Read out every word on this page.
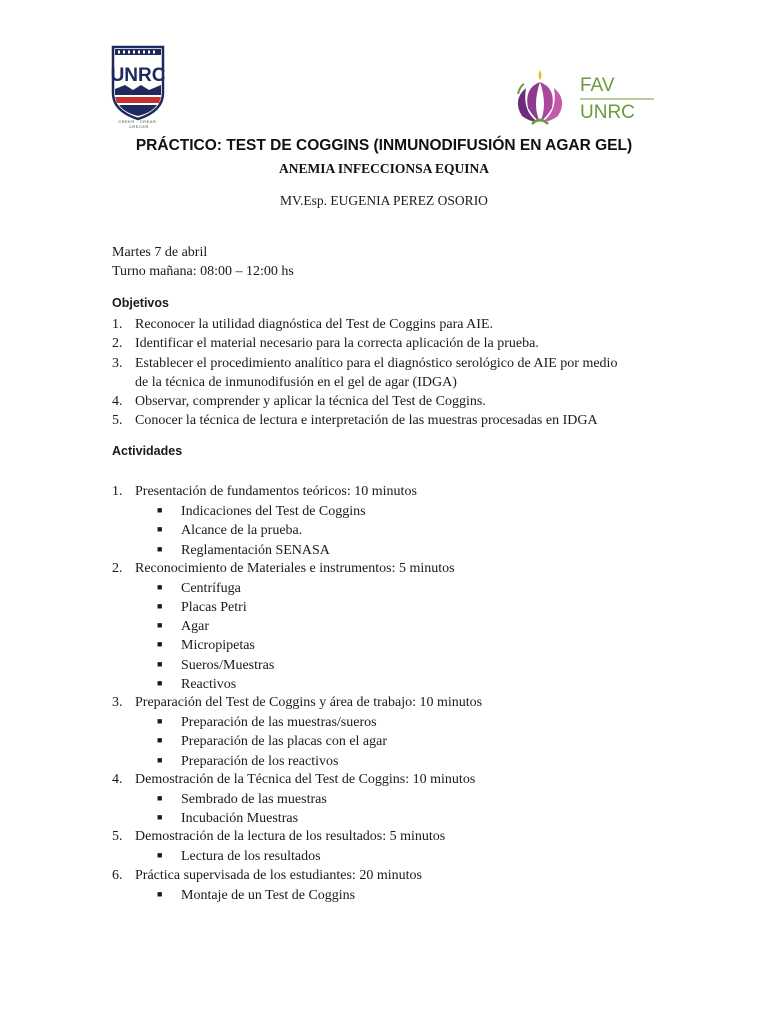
UNRC
CREER · CREAR · CRECER
FAV
UNRC
PRÁCTICO: TEST DE COGGINS (INMUNODIFUSIÓN EN AGAR GEL)
ANEMIA INFECCIONSA EQUINA
MV.Esp. EUGENIA PEREZ OSORIO
Martes 7 de abril
Turno mañana: 08:00 – 12:00 hs
Objetivos
1. Reconocer la utilidad diagnóstica del Test de Coggins para AIE.
2. Identificar el material necesario para la correcta aplicación de la prueba.
3. Establecer el procedimiento analítico para el diagnóstico serológico de AIE por medio
de la técnica de inmunodifusión en el gel de agar (IDGA)
4. Observar, comprender y aplicar la técnica del Test de Coggins.
5. Conocer la técnica de lectura e interpretación de las muestras procesadas en IDGA
Actividades
1. Presentación de fundamentos teóricos: 10 minutos
■ Indicaciones del Test de Coggins
■ Alcance de la prueba.
■ Reglamentación SENASA
2. Reconocimiento de Materiales e instrumentos: 5 minutos
■ Centrífuga
■ Placas Petri
■ Agar
■ Micropipetas
■ Sueros/Muestras
■ Reactivos
3. Preparación del Test de Coggins y área de trabajo: 10 minutos
■ Preparación de las muestras/sueros
■ Preparación de las placas con el agar
■ Preparación de los reactivos
4. Demostración de la Técnica del Test de Coggins: 10 minutos
■ Sembrado de las muestras
■ Incubación Muestras
5. Demostración de la lectura de los resultados: 5 minutos
■ Lectura de los resultados
6. Práctica supervisada de los estudiantes: 20 minutos
■ Montaje de un Test de Coggins
